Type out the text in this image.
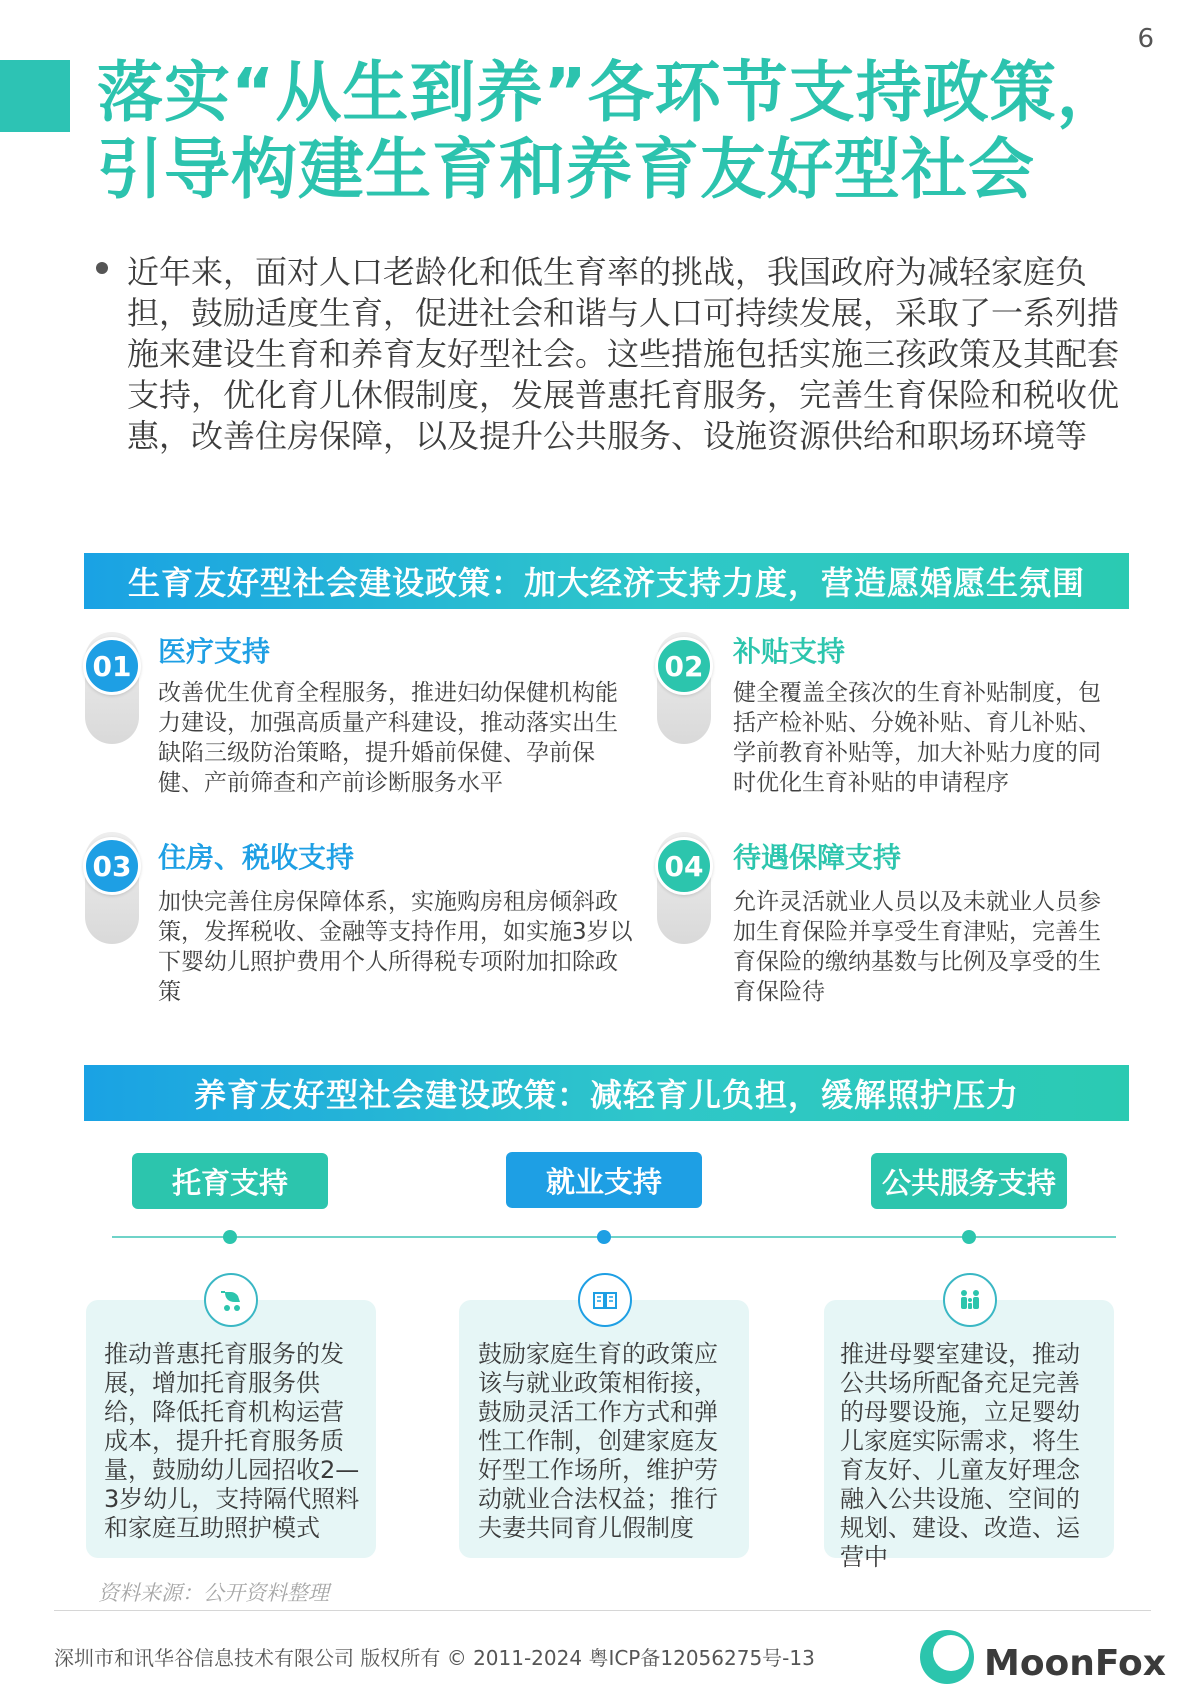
6
落实“从生到养”各环节支持政策，
引导构建生育和养育友好型社会
近年来，面对人口老龄化和低生育率的挑战，我国政府为减轻家庭负担，鼓励适度生育，促进社会和谐与人口可持续发展，采取了一系列措施来建设生育和养育友好型社会。这些措施包括实施三孩政策及其配套支持，优化育儿休假制度，发展普惠托育服务，完善生育保险和税收优惠，改善住房保障，以及提升公共服务、设施资源供给和职场环境等
生育友好型社会建设政策：加大经济支持力度，营造愿婚愿生氛围
01 医疗支持
改善优生优育全程服务，推进妇幼保健机构能力建设，加强高质量产科建设，推动落实出生缺陷三级防治策略，提升婚前保健、孕前保健、产前筛查和产前诊断服务水平
02	补贴支持
健全覆盖全孩次的生育补贴制度，包括产检补贴、分娩补贴、育儿补贴、学前教育补贴等，加大补贴力度的同时优化生育补贴的申请程序
03 住房、税收支持
加快完善住房保障体系，实施购房租房倾斜政策，发挥税收、金融等支持作用，如实施3岁以下婴幼儿照护费用个人所得税专项附加扣除政策
04	待遇保障支持
允许灵活就业人员以及未就业人员参加生育保险并享受生育津贴，完善生育保险的缴纳基数与比例及享受的生育保险待
养育友好型社会建设政策：减轻育儿负担，缓解照护压力
托育支持	就业支持	公共服务支持
推动普惠托育服务的发展，增加托育服务供给，降低托育机构运营成本，提升托育服务质量，鼓励幼儿园招收2—3岁幼儿，支持隔代照料和家庭互助照护模式
鼓励家庭生育的政策应该与就业政策相衔接，鼓励灵活工作方式和弹性工作制，创建家庭友好型工作场所，维护劳动就业合法权益；推行夫妻共同育儿假制度
推进母婴室建设，推动公共场所配备充足完善的母婴设施，立足婴幼儿家庭实际需求，将生育友好、儿童友好理念融入公共设施、空间的规划、建设、改造、运营中
资料来源：公开资料整理
深圳市和讯华谷信息技术有限公司 版权所有 © 2011-2024 粤ICP备12056275号-13	MoonFox
